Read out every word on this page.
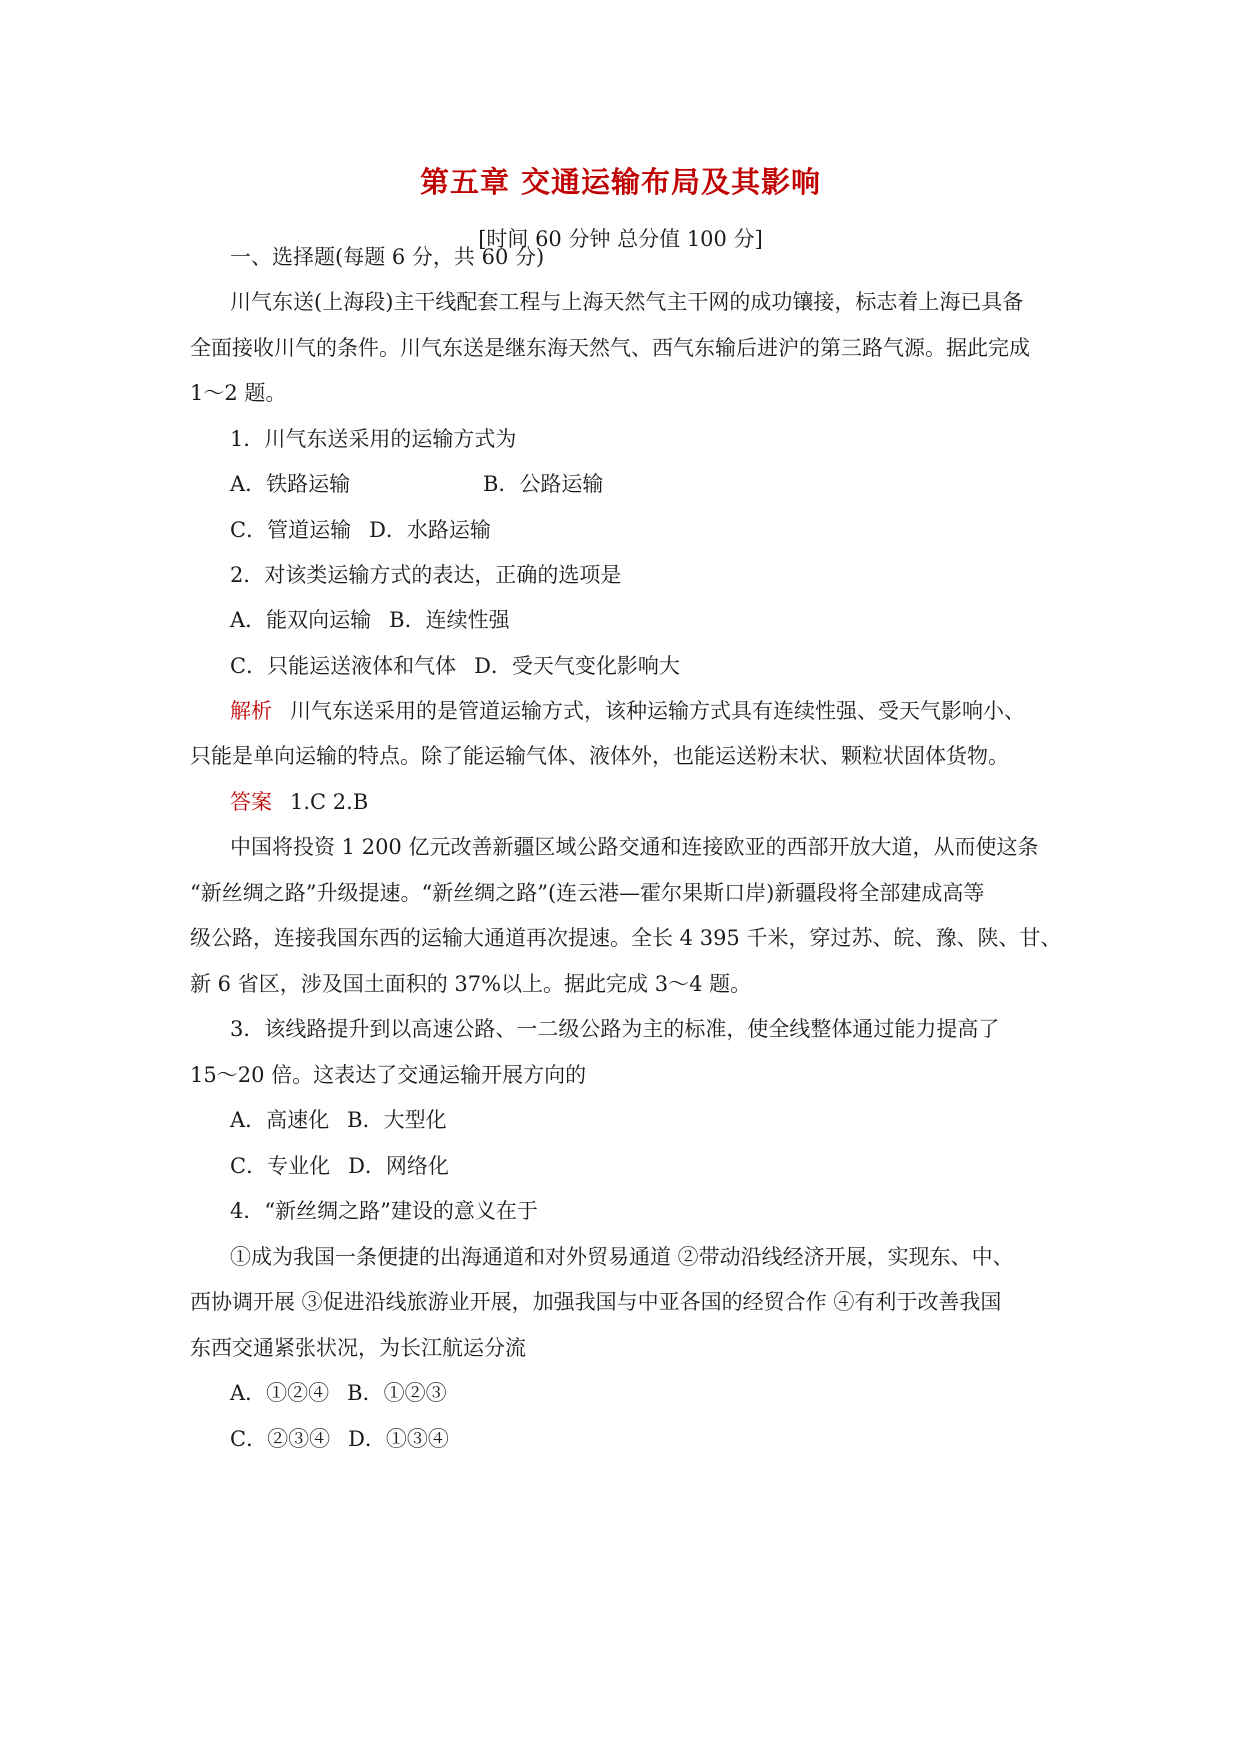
第五章 交通运输布局及其影响
[时间 60 分钟 总分值 100 分]
一、选择题(每题 6 分，共 60 分)
川气东送(上海段)主干线配套工程与上海天然气主干网的成功镶接，标志着上海已具备
全面接收川气的条件。川气东送是继东海天然气、西气东输后进沪的第三路气源。据此完成
1～2 题。
1．川气东送采用的运输方式为
A．铁路运输	B．公路运输
C．管道运输 D．水路运输
2．对该类运输方式的表达，正确的选项是
A．能双向运输 B．连续性强
C．只能运送液体和气体 D．受天气变化影响大
解析 川气东送采用的是管道运输方式，该种运输方式具有连续性强、受天气影响小、
只能是单向运输的特点。除了能运输气体、液体外，也能运送粉末状、颗粒状固体货物。
答案 1.C 2.B
中国将投资 1 200 亿元改善新疆区域公路交通和连接欧亚的西部开放大道，从而使这条
“新丝绸之路”升级提速。“新丝绸之路”(连云港—霍尔果斯口岸)新疆段将全部建成高等
级公路，连接我国东西的运输大通道再次提速。全长 4 395 千米，穿过苏、皖、豫、陕、甘、
新 6 省区，涉及国土面积的 37%以上。据此完成 3～4 题。
3．该线路提升到以高速公路、一二级公路为主的标准，使全线整体通过能力提高了
15～20 倍。这表达了交通运输开展方向的
A．高速化 B．大型化
C．专业化 D．网络化
4．“新丝绸之路”建设的意义在于
①成为我国一条便捷的出海通道和对外贸易通道 ②带动沿线经济开展，实现东、中、
西协调开展 ③促进沿线旅游业开展，加强我国与中亚各国的经贸合作 ④有利于改善我国
东西交通紧张状况，为长江航运分流
A．①②④ B．①②③
C．②③④ D．①③④
